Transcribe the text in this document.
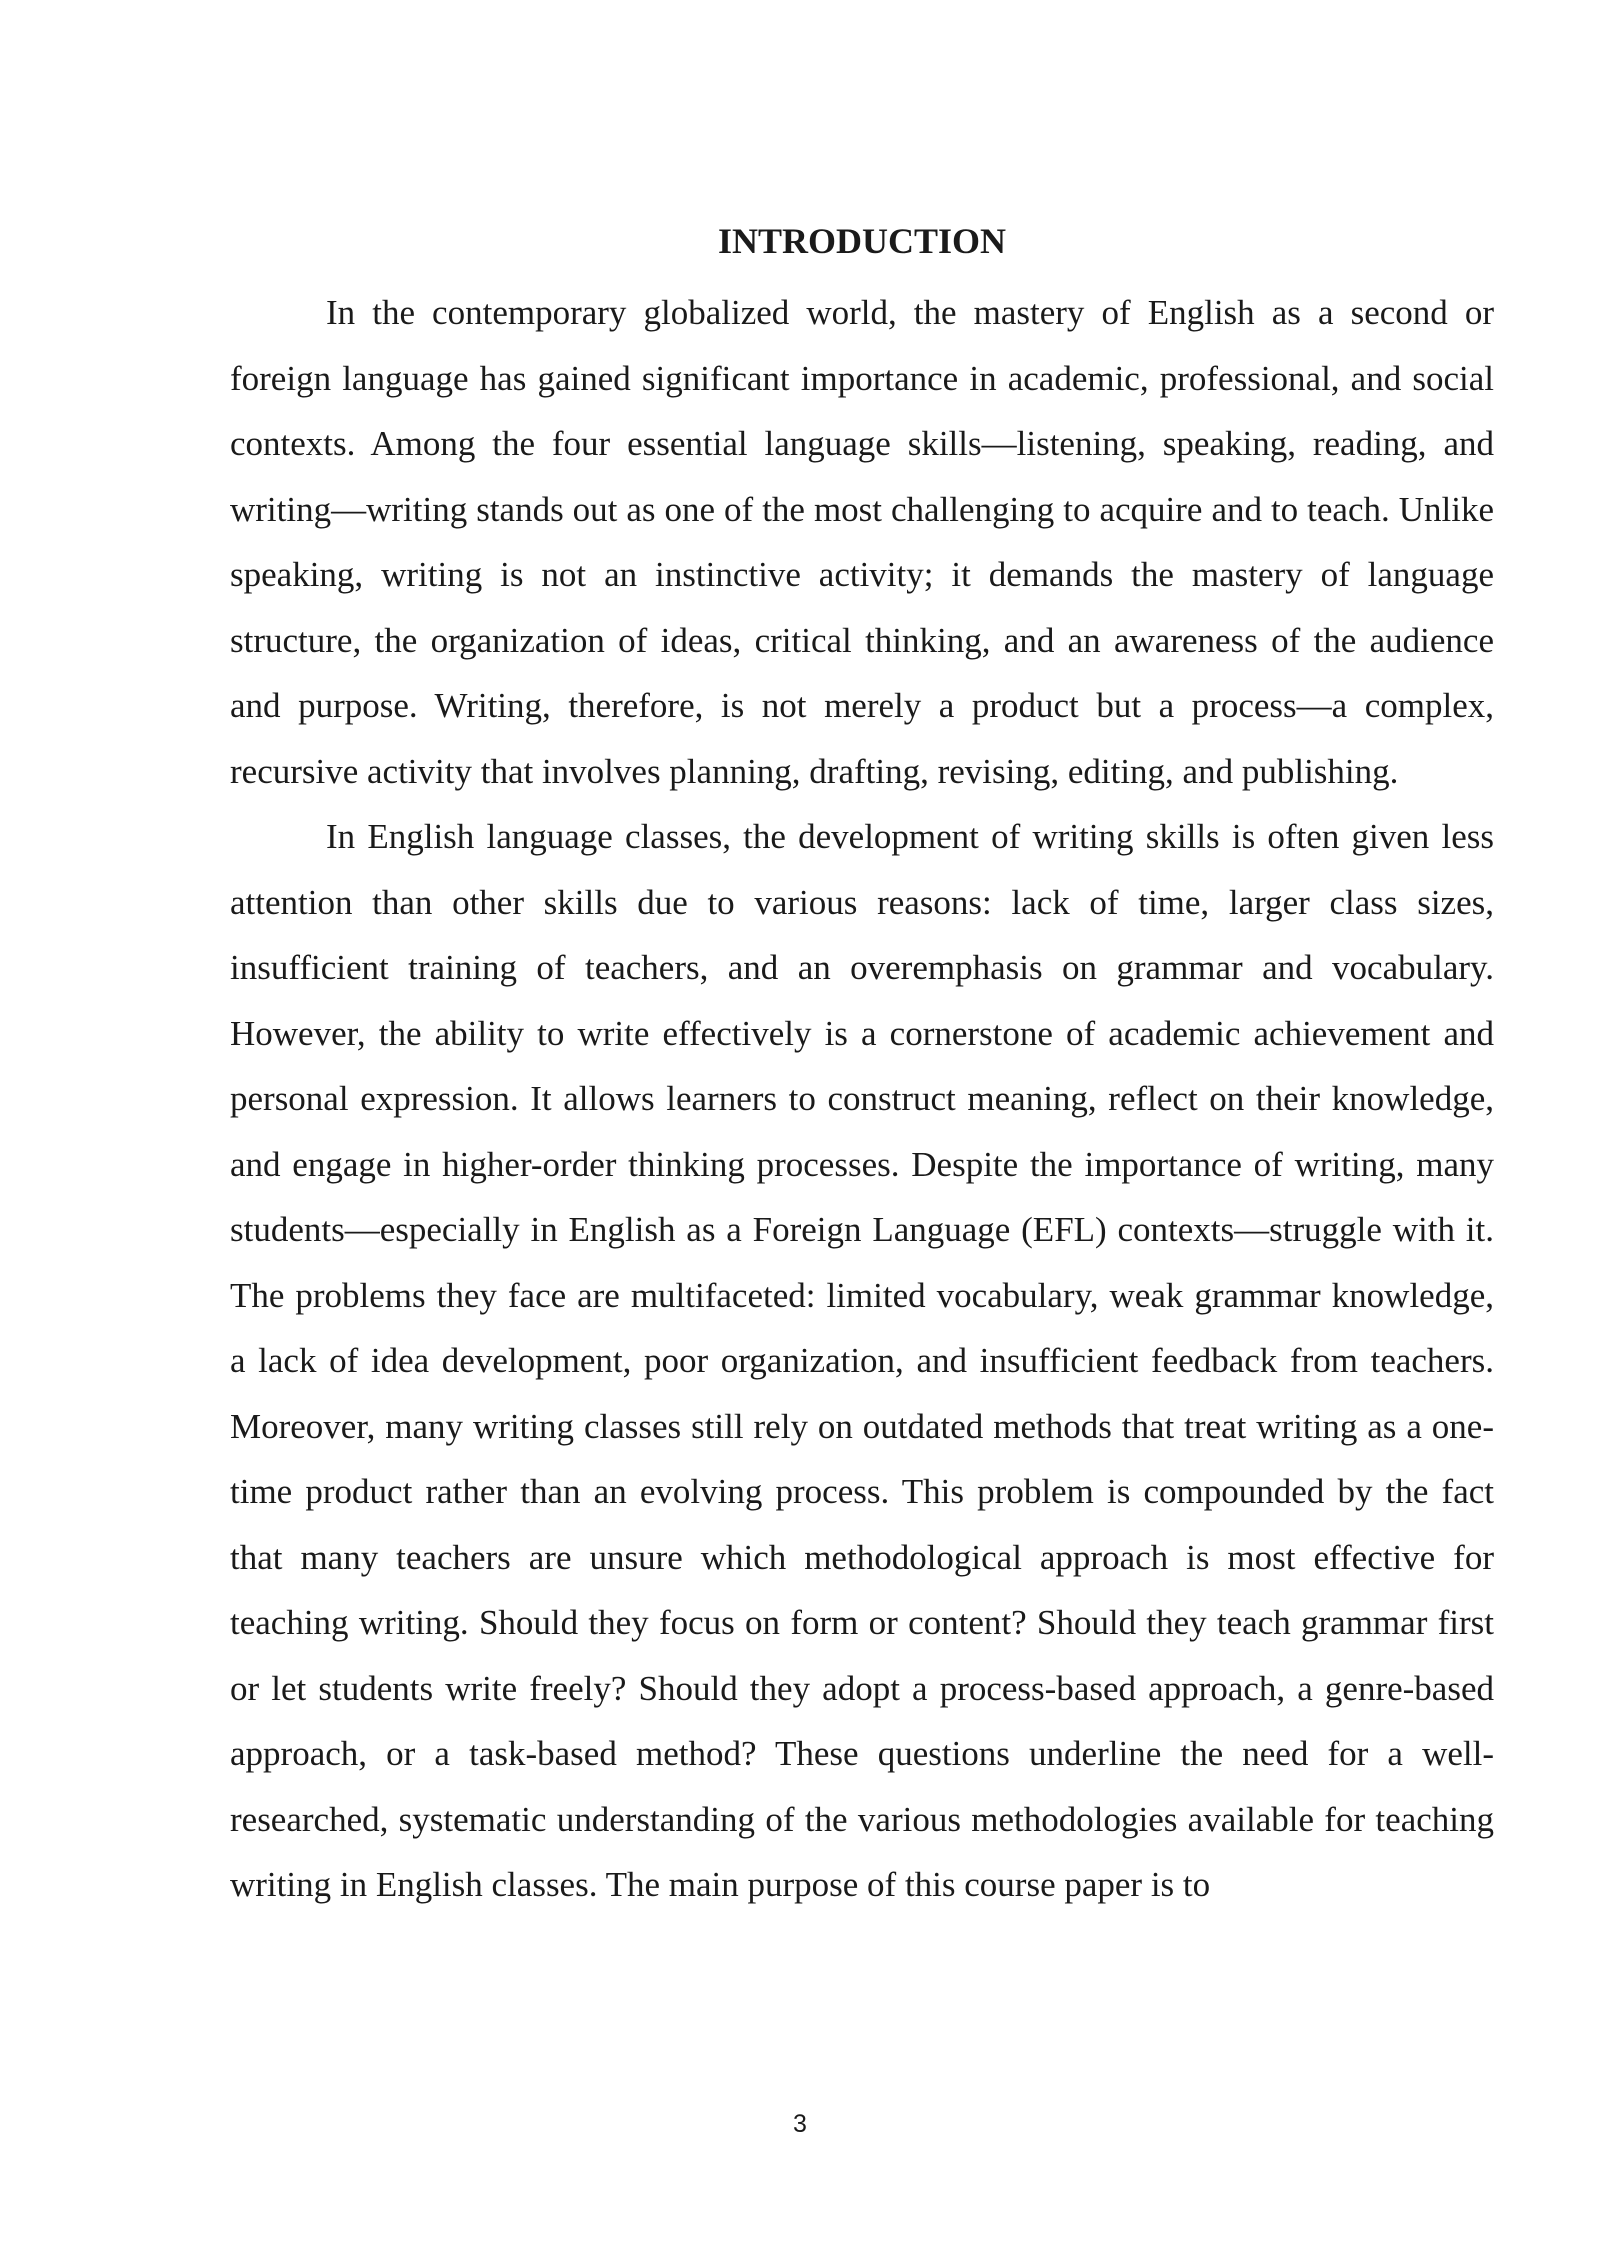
INTRODUCTION

In the contemporary globalized world, the mastery of English as a second or foreign language has gained significant importance in academic, professional, and social contexts. Among the four essential language skills—listening, speaking, reading, and writing—writing stands out as one of the most challenging to acquire and to teach. Unlike speaking, writing is not an instinctive activity; it demands the mastery of language structure, the organization of ideas, critical thinking, and an awareness of the audience and purpose. Writing, therefore, is not merely a product but a process—a complex, recursive activity that involves planning, drafting, revising, editing, and publishing.

In English language classes, the development of writing skills is often given less attention than other skills due to various reasons: lack of time, larger class sizes, insufficient training of teachers, and an overemphasis on grammar and vocabulary. However, the ability to write effectively is a cornerstone of academic achievement and personal expression. It allows learners to construct meaning, reflect on their knowledge, and engage in higher-order thinking processes. Despite the importance of writing, many students—especially in English as a Foreign Language (EFL) contexts—struggle with it. The problems they face are multifaceted: limited vocabulary, weak grammar knowledge, a lack of idea development, poor organization, and insufficient feedback from teachers. Moreover, many writing classes still rely on outdated methods that treat writing as a one-time product rather than an evolving process. This problem is compounded by the fact that many teachers are unsure which methodological approach is most effective for teaching writing. Should they focus on form or content? Should they teach grammar first or let students write freely? Should they adopt a process-based approach, a genre-based approach, or a task-based method? These questions underline the need for a well-researched, systematic understanding of the various methodologies available for teaching writing in English classes. The main purpose of this course paper is to

3
